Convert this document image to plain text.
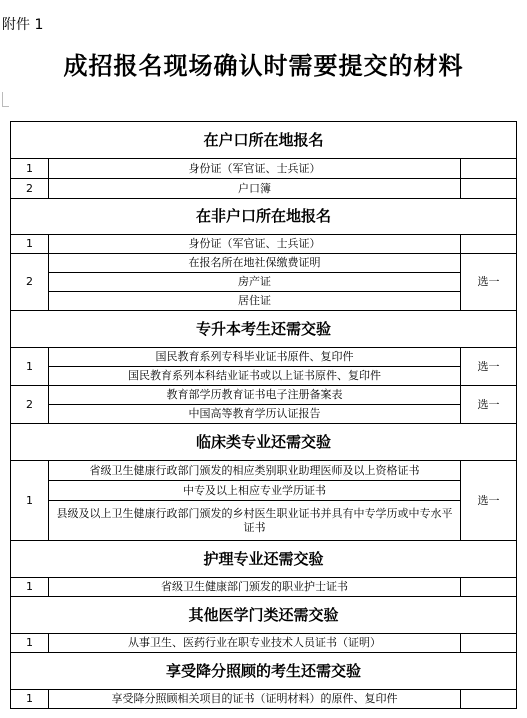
附件 1
成招报名现场确认时需要提交的材料
在户口所在地报名		
1	身份证（军官证、士兵证）	
2	户口簿	
在非户口所在地报名		
1	身份证（军官证、士兵证）	
2	在报名所在地社保缴费证明	选一
	房产证	
	居住证	
专升本考生还需交验		
1	国民教育系列专科毕业证书原件、复印件	选一
	国民教育系列本科结业证书或以上证书原件、复印件	
2	教育部学历教育证书电子注册备案表	选一
	中国高等教育学历认证报告	
临床类专业还需交验		
1	省级卫生健康行政部门颁发的相应类别职业助理医师及以上资格证书	选一
	中专及以上相应专业学历证书	
	县级及以上卫生健康行政部门颁发的乡村医生职业证书并具有中专学历或中专水平证书	
护理专业还需交验		
1	省级卫生健康部门颁发的职业护士证书	
其他医学门类还需交验		
1	从事卫生、医药行业在职专业技术人员证书（证明）	
享受降分照顾的考生还需交验		
1	享受降分照顾相关项目的证书（证明材料）的原件、复印件	
